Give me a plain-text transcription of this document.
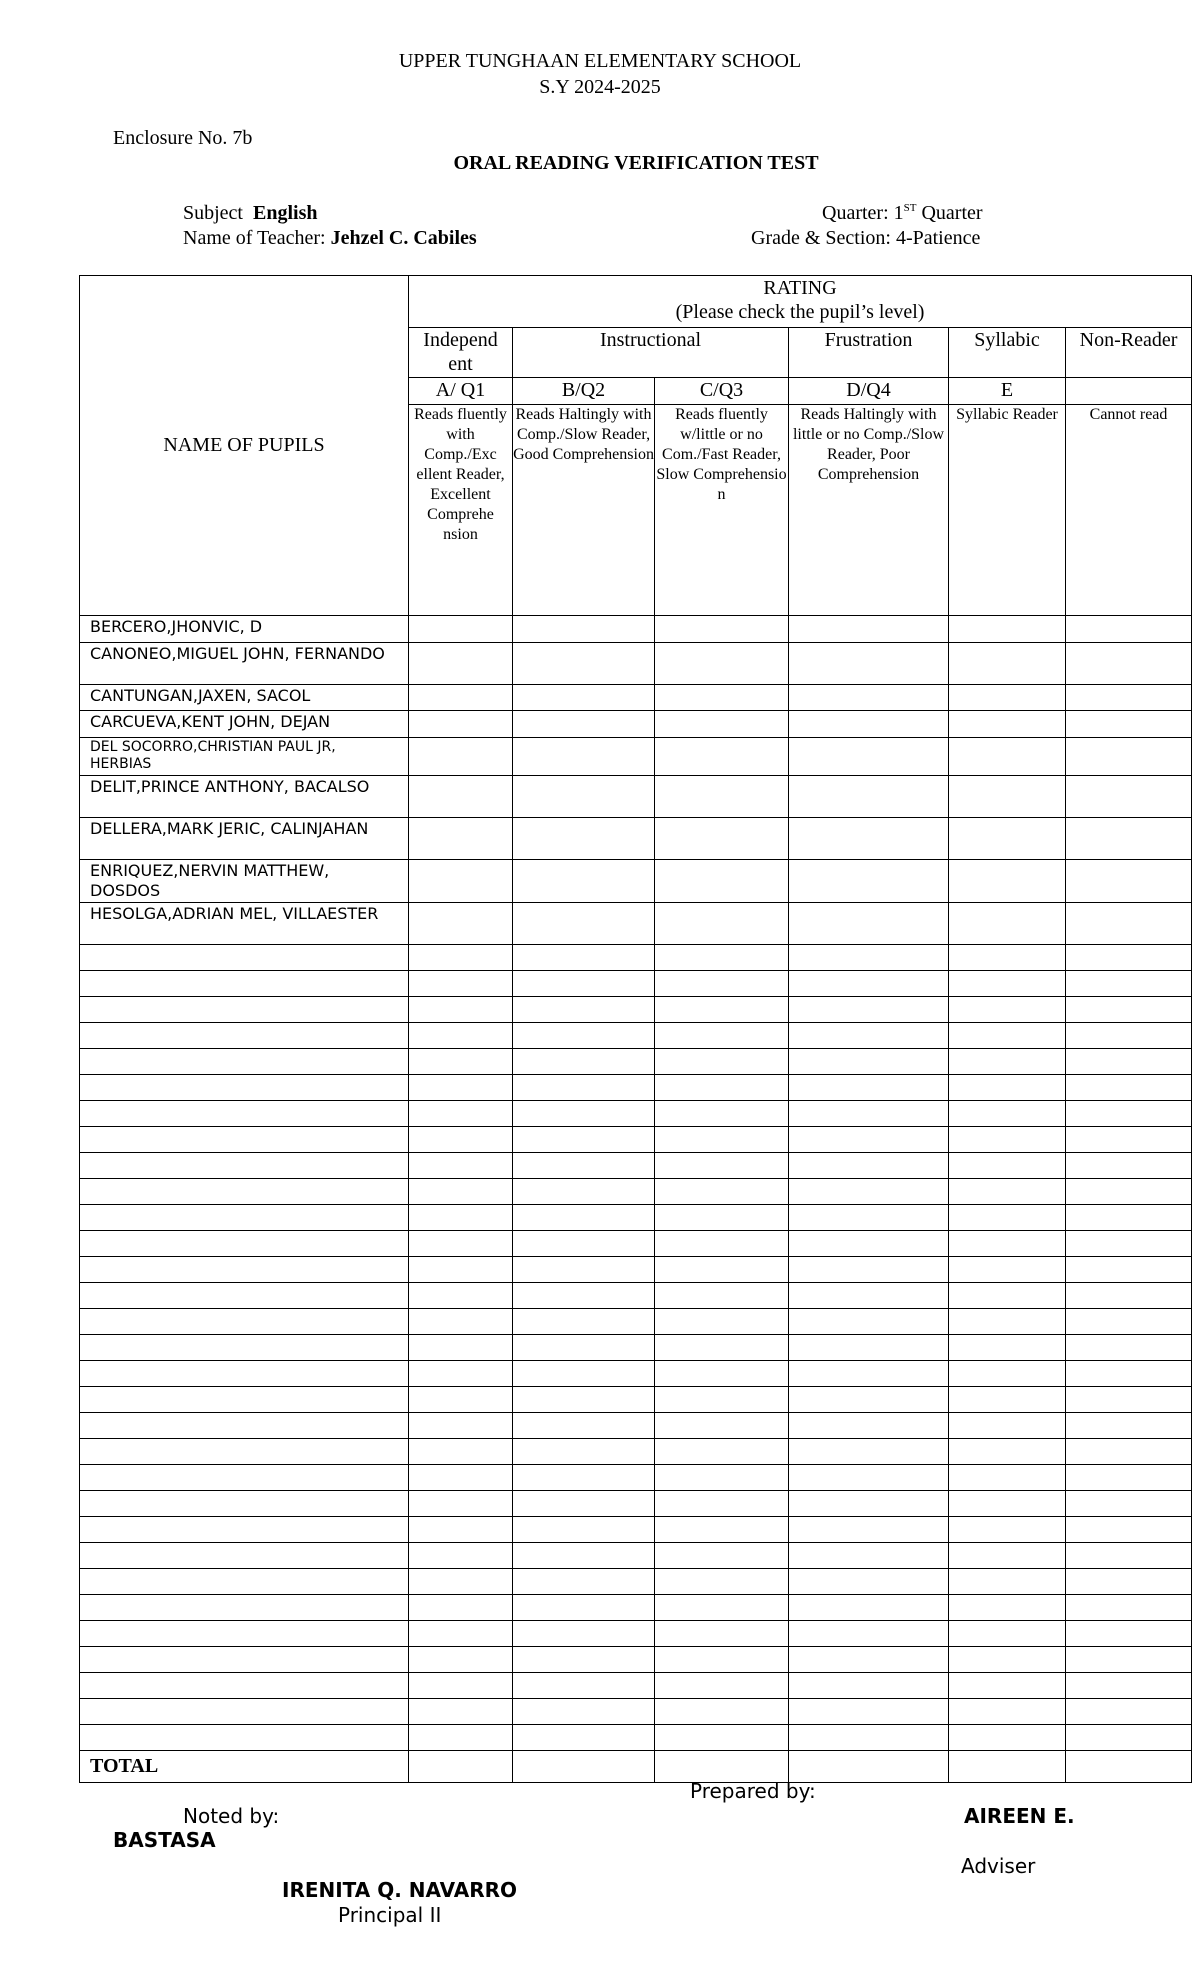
UPPER TUNGHAAN ELEMENTARY SCHOOL
S.Y 2024-2025
Enclosure No. 7b
ORAL READING VERIFICATION TEST
Subject English
Name of Teacher: Jehzel C. Cabiles
Quarter: 1ST Quarter
Grade & Section: 4-Patience
NAME OF PUPILS	RATING
(Please check the pupil’s level)					

	Independ ent	Instructional		Frustration	Syllabic	Non-Reader
	A/ Q1	B/Q2	C/Q3	D/Q4	E	
	Reads fluently with Comp./Exc ellent Reader, Excellent Comprehe nsion	Reads Haltingly with Comp./Slow Reader, Good Comprehension	Reads fluently w/little or no Com./Fast Reader, Slow Comprehensio n	Reads Haltingly with little or no Comp./Slow Reader, Poor Comprehension	Syllabic Reader	Cannot read
BERCERO,JHONVIC, D						
CANONEO,MIGUEL JOHN, FERNANDO						
CANTUNGAN,JAXEN, SACOL						
CARCUEVA,KENT JOHN, DEJAN						
DEL SOCORRO,CHRISTIAN PAUL JR, HERBIAS						
DELIT,PRINCE ANTHONY, BACALSO						
DELLERA,MARK JERIC, CALINJAHAN						
ENRIQUEZ,NERVIN MATTHEW, DOSDOS						
HESOLGA,ADRIAN MEL, VILLAESTER						

TOTAL						
Prepared by:
Noted by:	AIREEN E.
BASTASA
Adviser
IRENITA Q. NAVARRO
Principal II
